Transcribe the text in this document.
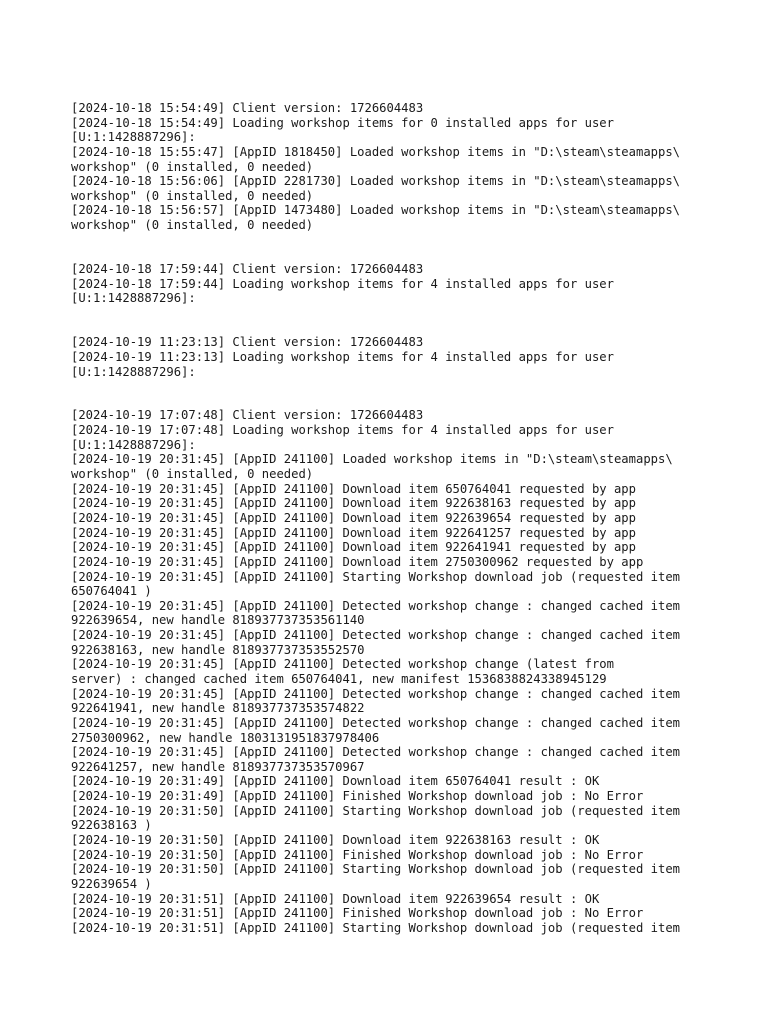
[2024-10-18 15:54:49] Client version: 1726604483
[2024-10-18 15:54:49] Loading workshop items for 0 installed apps for user
[U:1:1428887296]:
[2024-10-18 15:55:47] [AppID 1818450] Loaded workshop items in "D:\steam\steamapps\
workshop" (0 installed, 0 needed)
[2024-10-18 15:56:06] [AppID 2281730] Loaded workshop items in "D:\steam\steamapps\
workshop" (0 installed, 0 needed)
[2024-10-18 15:56:57] [AppID 1473480] Loaded workshop items in "D:\steam\steamapps\
workshop" (0 installed, 0 needed)
[2024-10-18 17:59:44] Client version: 1726604483
[2024-10-18 17:59:44] Loading workshop items for 4 installed apps for user
[U:1:1428887296]:
[2024-10-19 11:23:13] Client version: 1726604483
[2024-10-19 11:23:13] Loading workshop items for 4 installed apps for user
[U:1:1428887296]:
[2024-10-19 17:07:48] Client version: 1726604483
[2024-10-19 17:07:48] Loading workshop items for 4 installed apps for user
[U:1:1428887296]:
[2024-10-19 20:31:45] [AppID 241100] Loaded workshop items in "D:\steam\steamapps\
workshop" (0 installed, 0 needed)
[2024-10-19 20:31:45] [AppID 241100] Download item 650764041 requested by app
[2024-10-19 20:31:45] [AppID 241100] Download item 922638163 requested by app
[2024-10-19 20:31:45] [AppID 241100] Download item 922639654 requested by app
[2024-10-19 20:31:45] [AppID 241100] Download item 922641257 requested by app
[2024-10-19 20:31:45] [AppID 241100] Download item 922641941 requested by app
[2024-10-19 20:31:45] [AppID 241100] Download item 2750300962 requested by app
[2024-10-19 20:31:45] [AppID 241100] Starting Workshop download job (requested item
650764041 )
[2024-10-19 20:31:45] [AppID 241100] Detected workshop change : changed cached item
922639654, new handle 818937737353561140
[2024-10-19 20:31:45] [AppID 241100] Detected workshop change : changed cached item
922638163, new handle 818937737353552570
[2024-10-19 20:31:45] [AppID 241100] Detected workshop change (latest from
server) : changed cached item 650764041, new manifest 1536838824338945129
[2024-10-19 20:31:45] [AppID 241100] Detected workshop change : changed cached item
922641941, new handle 818937737353574822
[2024-10-19 20:31:45] [AppID 241100] Detected workshop change : changed cached item
2750300962, new handle 1803131951837978406
[2024-10-19 20:31:45] [AppID 241100] Detected workshop change : changed cached item
922641257, new handle 818937737353570967
[2024-10-19 20:31:49] [AppID 241100] Download item 650764041 result : OK
[2024-10-19 20:31:49] [AppID 241100] Finished Workshop download job : No Error
[2024-10-19 20:31:50] [AppID 241100] Starting Workshop download job (requested item
922638163 )
[2024-10-19 20:31:50] [AppID 241100] Download item 922638163 result : OK
[2024-10-19 20:31:50] [AppID 241100] Finished Workshop download job : No Error
[2024-10-19 20:31:50] [AppID 241100] Starting Workshop download job (requested item
922639654 )
[2024-10-19 20:31:51] [AppID 241100] Download item 922639654 result : OK
[2024-10-19 20:31:51] [AppID 241100] Finished Workshop download job : No Error
[2024-10-19 20:31:51] [AppID 241100] Starting Workshop download job (requested item
